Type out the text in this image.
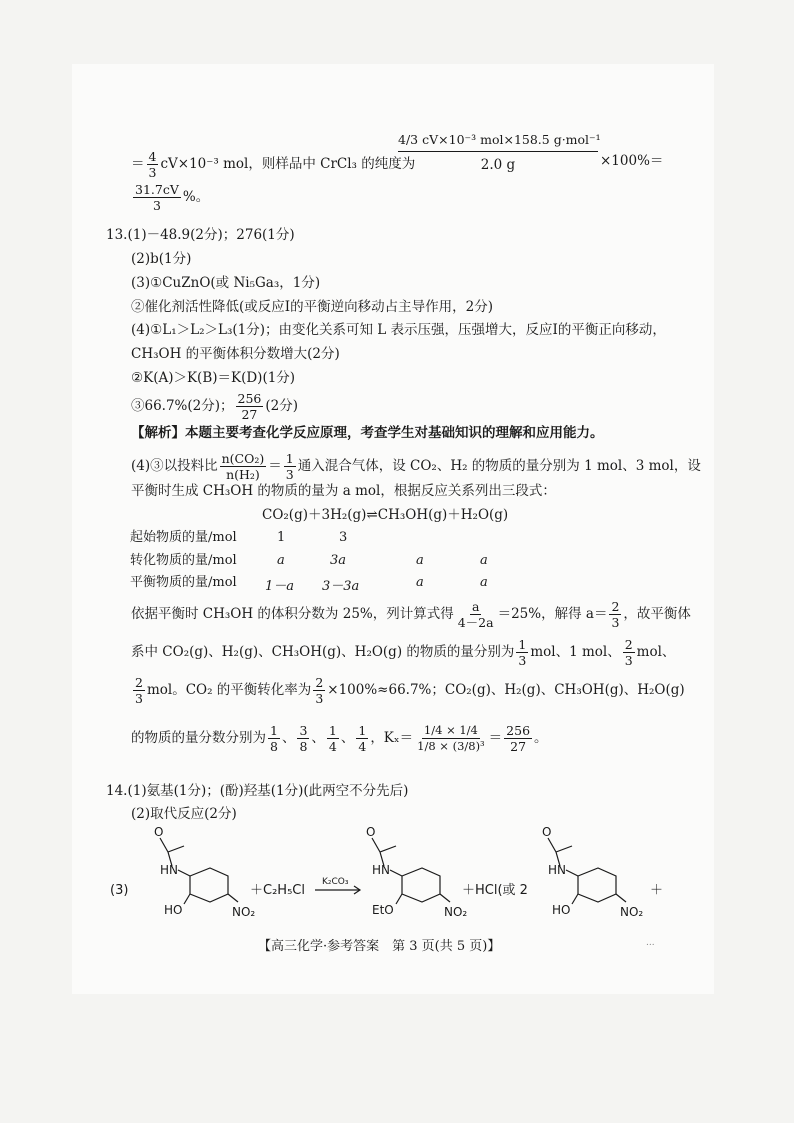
＝ $\frac{4}{3} cV\times 10^{-3}$ mol，则样品中 CrCl₃ 的纯度为
4/3 cV×10⁻³ mol×158.5 g·mol⁻¹
2.0 g	×100%＝
$\frac{31.7cV}{3}$ %。
13.(1)－48.9(2分)；276(1分)
(2)b(1分)
(3)①CuZnO(或 Ni₅Ga₃，1分)
②催化剂活性降低(或反应Ⅰ的平衡逆向移动占主导作用，2分)
(4)①L₁＞L₂＞L₃(1分)；由变化关系可知 L 表示压强，压强增大，反应Ⅰ的平衡正向移动，
CH₃OH 的平衡体积分数增大(2分)
②K(A)＞K(B)＝K(D)(1分)
③66.7%(2分)； $\frac{256}{27} (2$分)
【解析】本题主要考查化学反应原理，考查学生对基础知识的理解和应用能力。
(4)③以投料比 $\frac{\text{n(CO₂)}}{\text{n(H₂)}} = \frac{1}{3}$ 通入混合气体，设 CO₂、H₂ 的物质的量分别为 1 mol、3 mol，设
平衡时生成 CH₃OH 的物质的量为 a mol，根据反应关系列出三段式：
CO₂(g)＋3H₂(g)⇌CH₃OH(g)＋H₂O(g)
起始物质的量/mol	1	3
转化物质的量/mol	a	3a	a	a
平衡物质的量/mol 1－a 3－3a	a	a
依据平衡时 CH₃OH 的体积分数为 25%，列计算式得 $\frac{a}{4-2a} =25\%$，解得 $a= \frac{2}{3}$ ，故平衡体
系中 CO₂(g)、H₂(g)、CH₃OH(g)、H₂O(g) 的物质的量分别为 $\frac{1}{3}$ mol、1 mol、 $\frac{2}{3}$ mol、
$\frac{2}{3}$ mol。CO₂ 的平衡转化率为 $\frac{2}{3} \times 100\%\approx 66.7\%$；CO₂(g)、H₂(g)、CH₃OH(g)、H₂O(g)
的物质的量分数分别为 $\frac{1}{8}$ 、 $\frac{3}{8}$ 、 $\frac{1}{4}$ 、 $\frac{1}{4}$ ，$K_x= \frac{1/4 \times 1/4}{\text{1/8 × (3/8)³}} = \frac{256}{27}$ 。
14.(1)氨基(1分)；(酚)羟基(1分)(此两空不分先后)
(2)取代反应(2分)
O
HN
HO	NO₂
(3)	＋C₂H₅Cl
K₂CO₃
O
HN
EtO	NO₂
＋HCl(或 2
O
HN
HO	NO₂
＋
【高三化学·参考答案　第 3 页(共 5 页)】	...
